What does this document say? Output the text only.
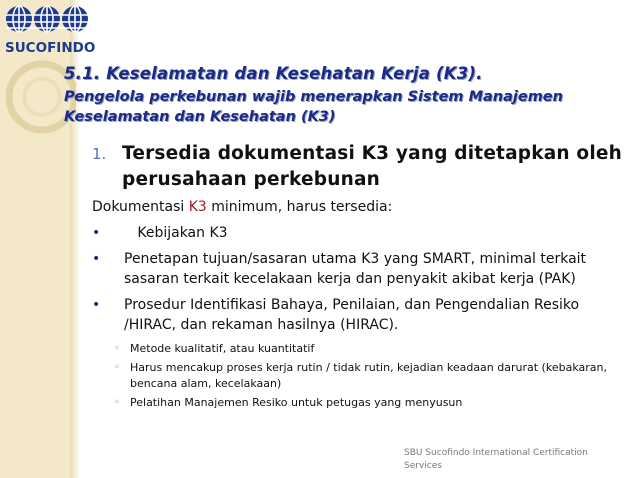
SUCOFINDO
5.1. Keselamatan dan Kesehatan Kerja (K3).
Pengelola perkebunan wajib menerapkan Sistem Manajemen Keselamatan dan Kesehatan (K3)
1. Tersedia dokumentasi K3 yang ditetapkan oleh perusahaan perkebunan

Dokumentasi K3 minimum, harus tersedia:

• Kebijakan K3
• Penetapan tujuan/sasaran utama K3 yang SMART, minimal terkait sasaran terkait kecelakaan kerja dan penyakit akibat kerja (PAK)
• Prosedur Identifikasi Bahaya, Penilaian, dan Pengendalian Resiko /HIRAC, dan rekaman hasilnya (HIRAC).
◦ Metode kualitatif, atau kuantitatif
◦ Harus mencakup proses kerja rutin / tidak rutin, kejadian keadaan darurat (kebakaran, bencana alam, kecelakaan)
◦ Pelatihan Manajemen Resiko untuk petugas yang menyusun
SBU Sucofindo International Certification Services
